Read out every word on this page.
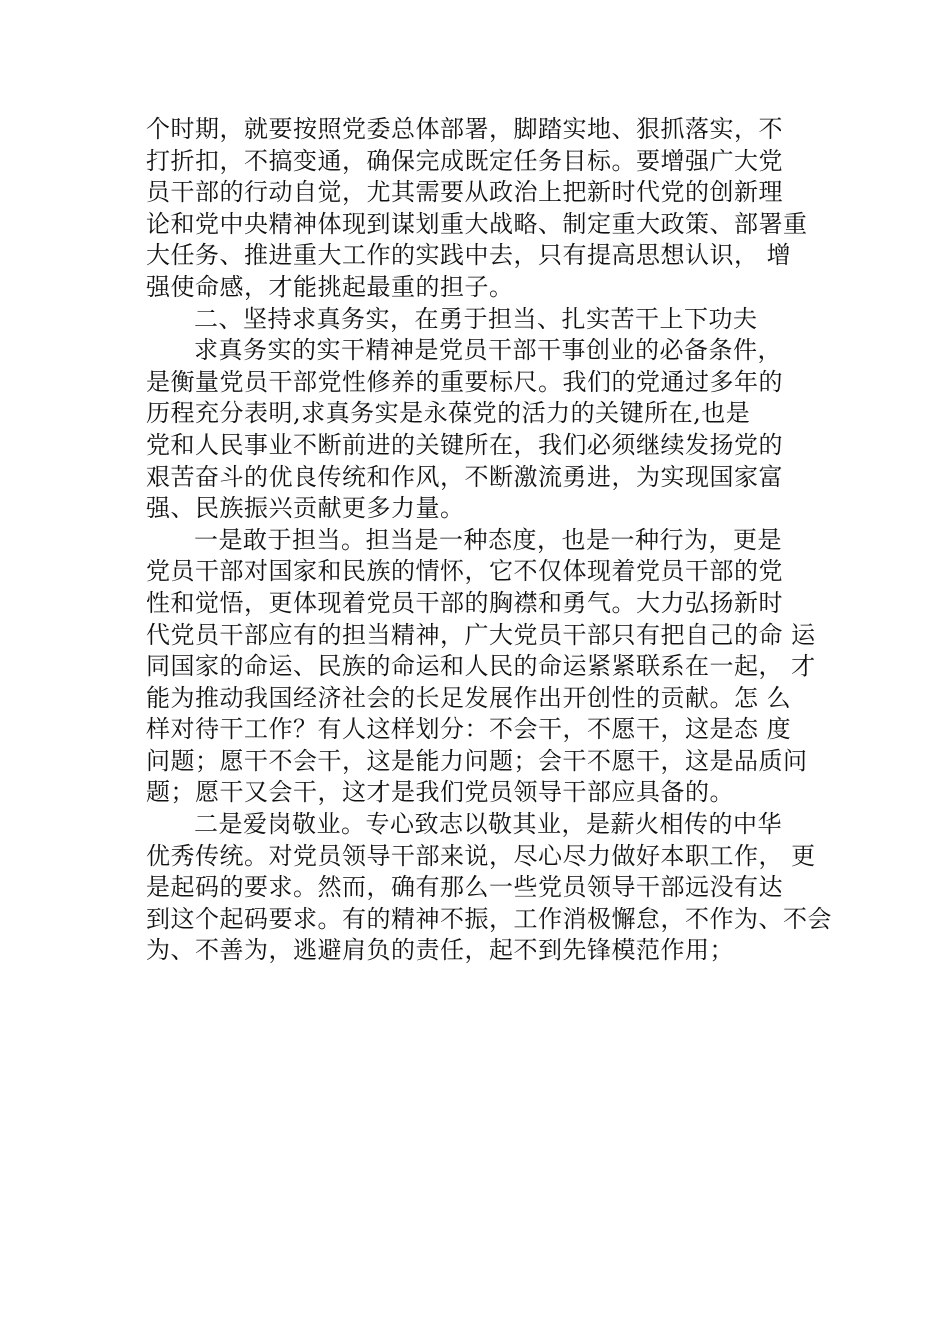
个时期，就要按照党委总体部署，脚踏实地、狠抓落实，不
打折扣，不搞变通，确保完成既定任务目标。要增强广大党
员干部的行动自觉，尤其需要从政治上把新时代党的创新理
论和党中央精神体现到谋划重大战略、制定重大政策、部署重
大任务、推进重大工作的实践中去，只有提高思想认识， 增
强使命感，才能挑起最重的担子。
二、坚持求真务实，在勇于担当、扎实苦干上下功夫
求真务实的实干精神是党员干部干事创业的必备条件，
是衡量党员干部党性修养的重要标尺。我们的党通过多年的
历程充分表明,求真务实是永葆党的活力的关键所在,也是
党和人民事业不断前进的关键所在，我们必须继续发扬党的
艰苦奋斗的优良传统和作风，不断激流勇进，为实现国家富
强、民族振兴贡献更多力量。
一是敢于担当。担当是一种态度，也是一种行为，更是
党员干部对国家和民族的情怀，它不仅体现着党员干部的党
性和觉悟，更体现着党员干部的胸襟和勇气。大力弘扬新时
代党员干部应有的担当精神，广大党员干部只有把自己的命 运
同国家的命运、民族的命运和人民的命运紧紧联系在一起， 才
能为推动我国经济社会的长足发展作出开创性的贡献。怎 么
样对待干工作？有人这样划分：不会干，不愿干，这是态 度
问题；愿干不会干，这是能力问题；会干不愿干，这是品质问
题；愿干又会干，这才是我们党员领导干部应具备的。
二是爱岗敬业。专心致志以敬其业，是薪火相传的中华
优秀传统。对党员领导干部来说，尽心尽力做好本职工作， 更
是起码的要求。然而，确有那么一些党员领导干部远没有达
到这个起码要求。有的精神不振，工作消极懈怠，不作为、不会
为、不善为，逃避肩负的责任，起不到先锋模范作用；
